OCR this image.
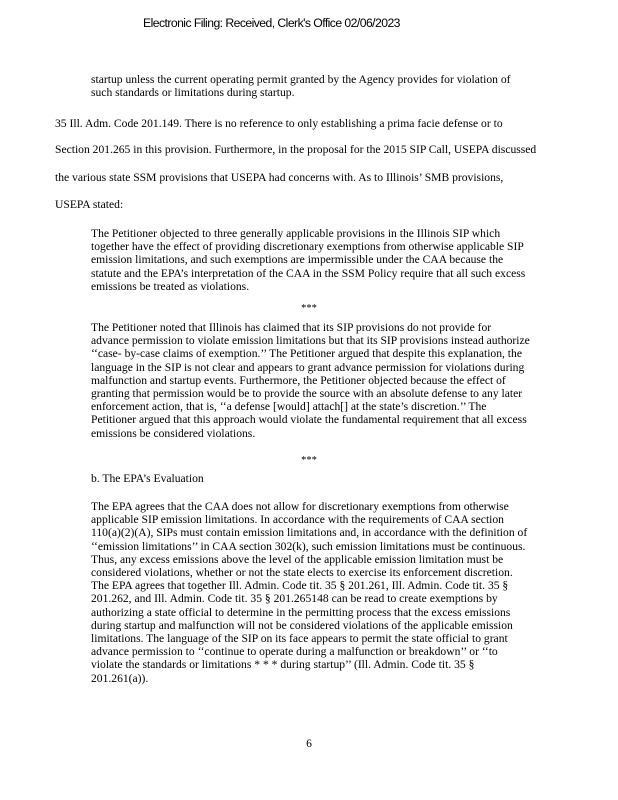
Electronic Filing: Received, Clerk's Office 02/06/2023

startup unless the current operating permit granted by the Agency provides for violation of such standards or limitations during startup.

35 Ill. Adm. Code 201.149. There is no reference to only establishing a prima facie defense or to
Section 201.265 in this provision. Furthermore, in the proposal for the 2015 SIP Call, USEPA discussed
the various state SSM provisions that USEPA had concerns with. As to Illinois’ SMB provisions,
USEPA stated:

The Petitioner objected to three generally applicable provisions in the Illinois SIP which together have the effect of providing discretionary exemptions from otherwise applicable SIP emission limitations, and such exemptions are impermissible under the CAA because the statute and the EPA’s interpretation of the CAA in the SSM Policy require that all such excess emissions be treated as violations.

***

The Petitioner noted that Illinois has claimed that its SIP provisions do not provide for advance permission to violate emission limitations but that its SIP provisions instead authorize ‘‘case- by-case claims of exemption.’’ The Petitioner argued that despite this explanation, the language in the SIP is not clear and appears to grant advance permission for violations during malfunction and startup events. Furthermore, the Petitioner objected because the effect of granting that permission would be to provide the source with an absolute defense to any later enforcement action, that is, ‘‘a defense [would] attach[] at the state’s discretion.’’ The Petitioner argued that this approach would violate the fundamental requirement that all excess emissions be considered violations.

***

b. The EPA’s Evaluation

The EPA agrees that the CAA does not allow for discretionary exemptions from otherwise applicable SIP emission limitations. In accordance with the requirements of CAA section 110(a)(2)(A), SIPs must contain emission limitations and, in accordance with the definition of ‘‘emission limitations’’ in CAA section 302(k), such emission limitations must be continuous. Thus, any excess emissions above the level of the applicable emission limitation must be considered violations, whether or not the state elects to exercise its enforcement discretion. The EPA agrees that together Ill. Admin. Code tit. 35 § 201.261, Ill. Admin. Code tit. 35 § 201.262, and Ill. Admin. Code tit. 35 § 201.265148 can be read to create exemptions by authorizing a state official to determine in the permitting process that the excess emissions during startup and malfunction will not be considered violations of the applicable emission limitations. The language of the SIP on its face appears to permit the state official to grant advance permission to ‘‘continue to operate during a malfunction or breakdown’’ or ‘‘to violate the standards or limitations * * * during startup’’ (Ill. Admin. Code tit. 35 § 201.261(a)).

6
